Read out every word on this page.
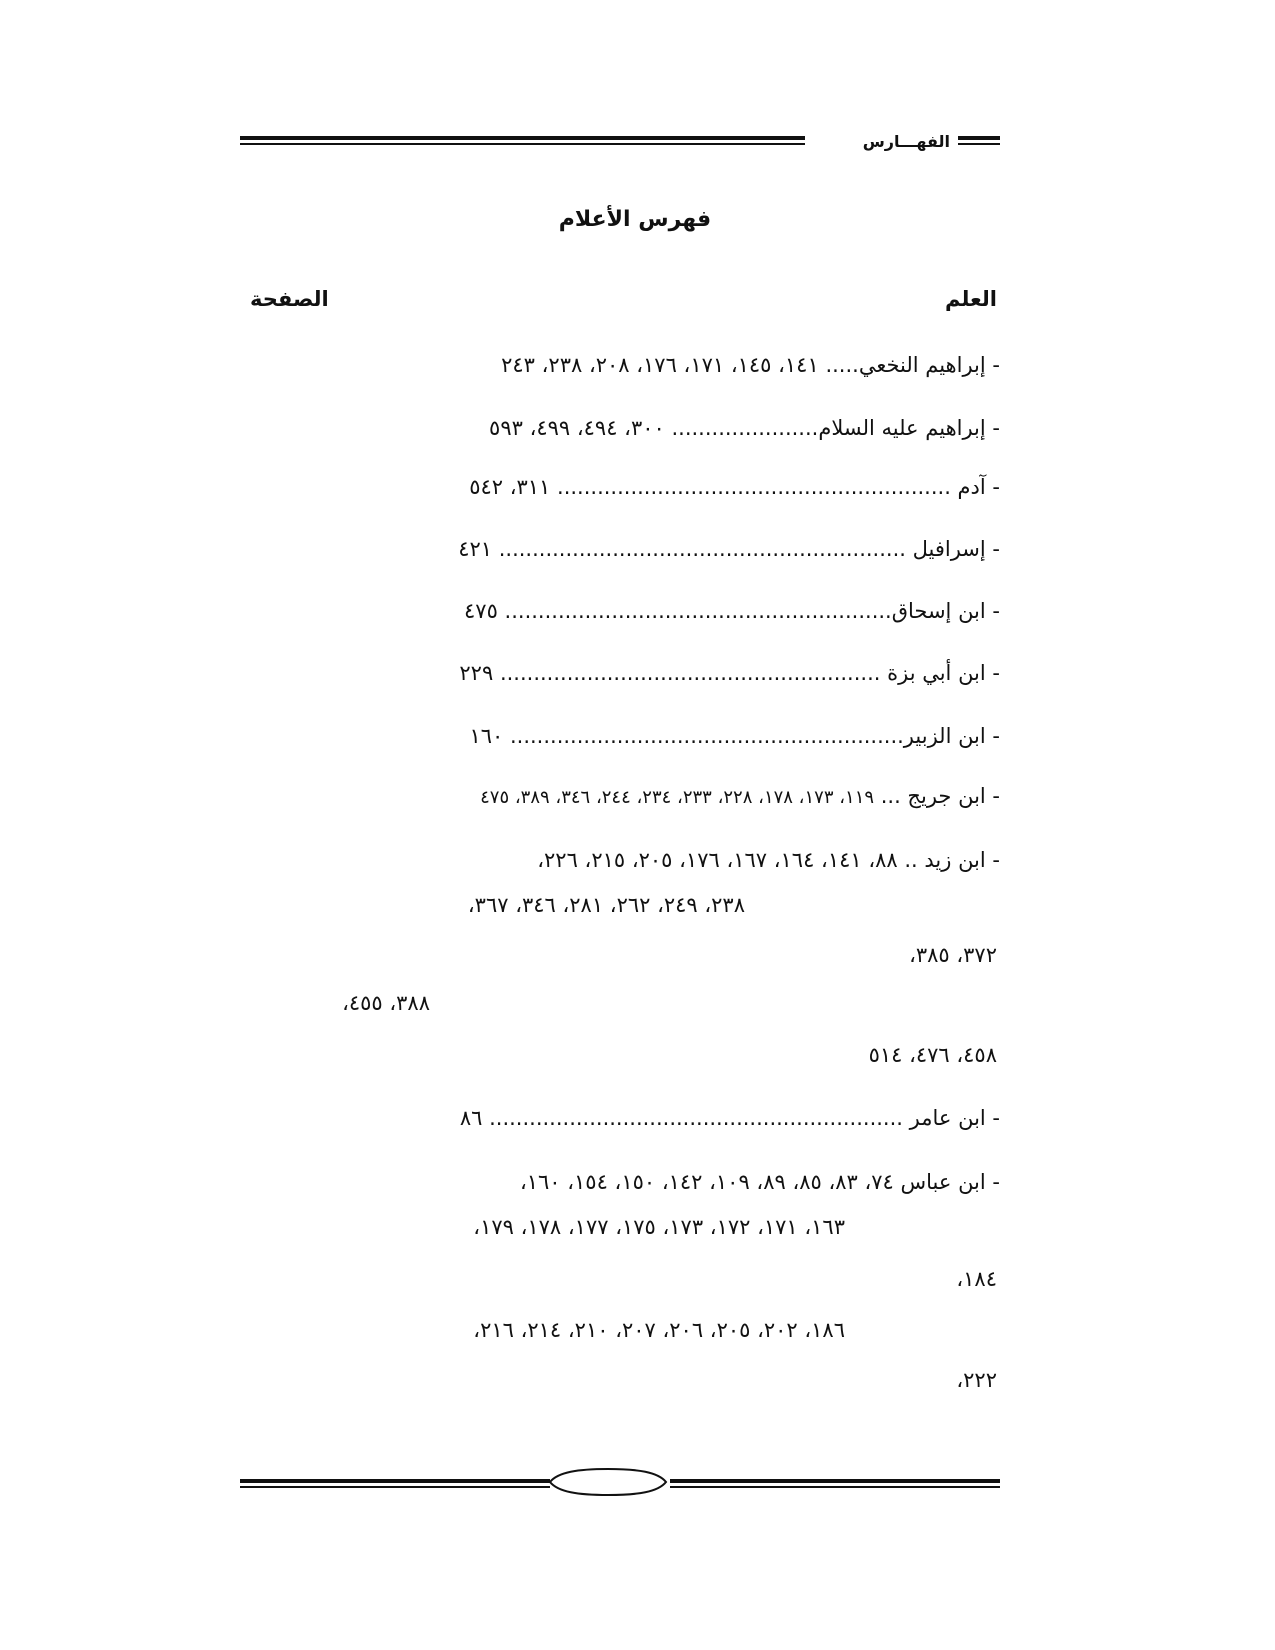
الفهـــارس
فهرس الأعلام
العلم
الصفحة
- إبراهيم النخعي..... ١٤١، ١٤٥، ١٧١، ١٧٦، ٢٠٨، ٢٣٨، ٢٤٣
- إبراهيم عليه السلام...................... ٣٠٠، ٤٩٤، ٤٩٩، ٥٩٣
- آدم ........................................................... ٣١١، ٥٤٢
- إسرافيل ............................................................. ٤٢١
- ابن إسحاق.......................................................... ٤٧٥
- ابن أبي بزة ......................................................... ٢٢٩
- ابن الزبير........................................................... ١٦٠
- ابن جريج ... ١١٩، ١٧٣، ١٧٨، ٢٢٨، ٢٣٣، ٢٣٤، ٢٤٤، ٣٤٦، ٣٨٩، ٤٧٥
- ابن زيد .. ٨٨، ١٤١، ١٦٤، ١٦٧، ١٧٦، ٢٠٥، ٢١٥، ٢٢٦،
٢٣٨، ٢٤٩، ٢٦٢، ٢٨١، ٣٤٦، ٣٦٧،
٣٧٢، ٣٨٥،
٣٨٨، ٤٥٥،
٤٥٨، ٤٧٦، ٥١٤
- ابن عامر .............................................................. ٨٦
- ابن عباس ٧٤، ٨٣، ٨٥، ٨٩، ١٠٩، ١٤٢، ١٥٠، ١٥٤، ١٦٠،
١٦٣، ١٧١، ١٧٢، ١٧٣، ١٧٥، ١٧٧، ١٧٨، ١٧٩،
١٨٤،
١٨٦، ٢٠٢، ٢٠٥، ٢٠٦، ٢٠٧، ٢١٠، ٢١٤، ٢١٦،
٢٢٢،
